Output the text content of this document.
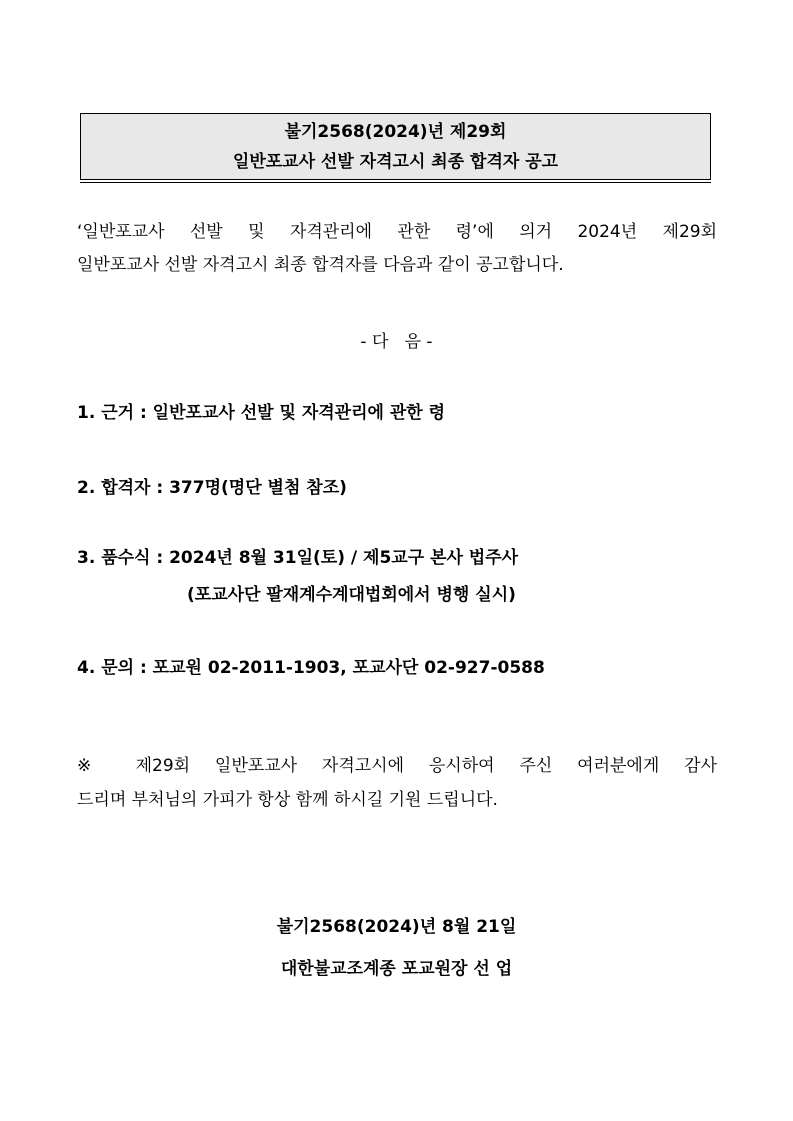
불기2568(2024)년 제29회
일반포교사 선발 자격고시 최종 합격자 공고
‘일반포교사 선발 및 자격관리에 관한 령’에 의거 2024년 제29회
일반포교사 선발 자격고시 최종 합격자를 다음과 같이 공고합니다.
- 다   음 -
1. 근거 : 일반포교사 선발 및 자격관리에 관한 령
2. 합격자 : 377명(명단 별첨 참조)
3. 품수식 : 2024년 8월 31일(토) / 제5교구 본사 법주사
(포교사단 팔재계수계대법회에서 병행 실시)
4. 문의 : 포교원 02-2011-1903, 포교사단 02-927-0588
※ 제29회 일반포교사 자격고시에 응시하여 주신 여러분에게 감사
드리며 부처님의 가피가 항상 함께 하시길 기원 드립니다.
불기2568(2024)년 8월 21일
대한불교조계종 포교원장 선 업
